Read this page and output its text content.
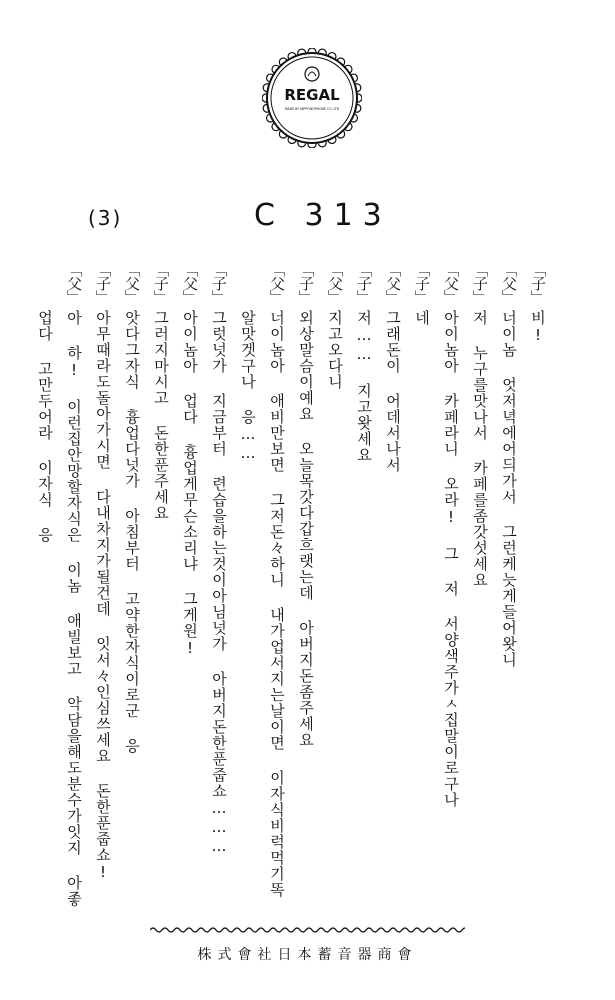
REGAL
MADE BY NIPPONOPHONE CO. LTD
(3)	C 313
「子」
비!
「父」
너이놈 엇저녁에어듸가서 그런케늣게들어왓니
「子」
저 누구를맛나서 카페를좀갓섯세요
「父」
아이놈아 카페라니 오라! 그 저 서양색주가ㅅ집말이로구나
「子」
네
「父」
그래돈이 어데서나서
「子」
저…… 지고왓세요
「父」
지고오다니
「子」
외상말슴이예요 오늘목갓다갑흐랫는데 아버지돈좀주세요
「父」
너이놈아 애비만보면 그저돈々하니 내가업서지는날이면 이자식비럭먹기똑
알맛겟구나 응……
「子」
그럿넛가 지금부터 련습을하는것이아님넛가 아버지돈한푼줍쇼………
「父」
아이놈아 업다 흉업게무슨소리냐 그게원!
「子」
그러지마시고 돈한푼주세요
「父」
앗다그자식 흉업다넛가 아침부터 고약한자식이로군 응
「子」
아무때라도돌아가시면 다내차지가될건데 잇서々인심쓰세요 돈한푼줍쇼!
「父」
아 하! 이런집안망할자식은 이놈 애빌보고 악담을해도분수가잇지 아좋
업다 고만두어라 이자식 응
株式會社日本蓄音器商會
